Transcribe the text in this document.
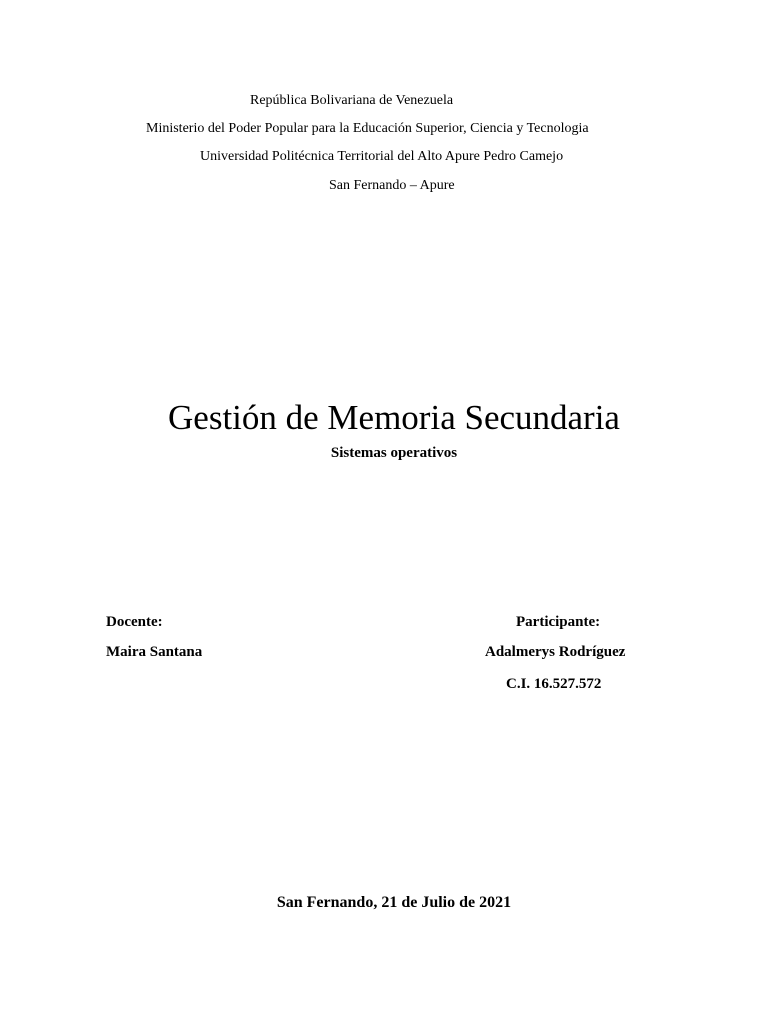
República Bolivariana de Venezuela
Ministerio del Poder Popular para la Educación Superior, Ciencia y Tecnologia
Universidad Politécnica Territorial del Alto Apure Pedro Camejo
San Fernando – Apure
Gestión de Memoria Secundaria
Sistemas operativos
Docente:
Maira Santana
Participante:
Adalmerys Rodríguez
C.I. 16.527.572
San Fernando, 21 de Julio de 2021
